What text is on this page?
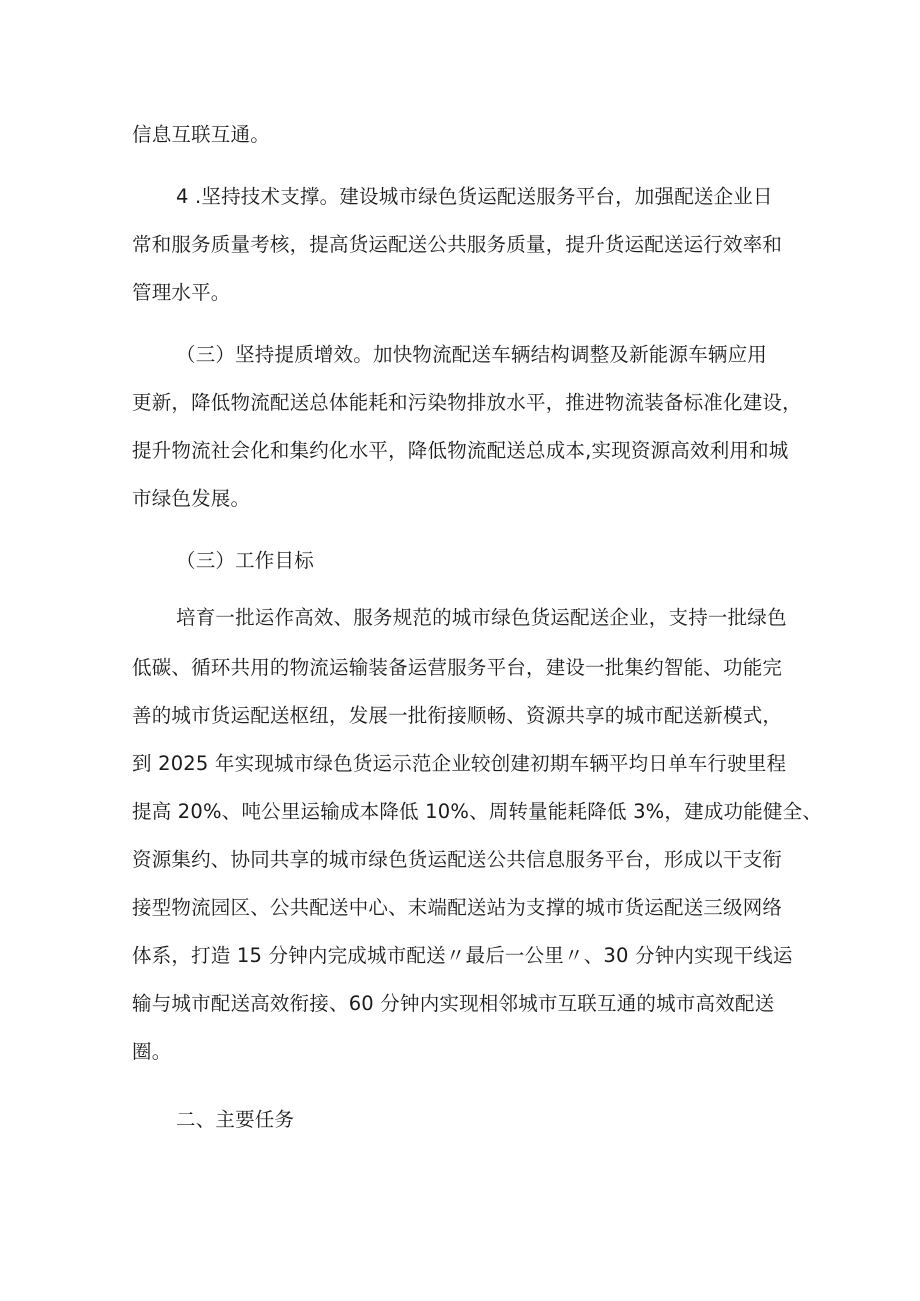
信息互联互通。
4 .坚持技术支撑。建设城市绿色货运配送服务平台，加强配送企业日
常和服务质量考核，提高货运配送公共服务质量，提升货运配送运行效率和
管理水平。
（三）坚持提质增效。加快物流配送车辆结构调整及新能源车辆应用
更新，降低物流配送总体能耗和污染物排放水平，推进物流装备标准化建设，
提升物流社会化和集约化水平，降低物流配送总成本,实现资源高效利用和城
市绿色发展。
（三）工作目标
培育一批运作高效、服务规范的城市绿色货运配送企业，支持一批绿色
低碳、循环共用的物流运输装备运营服务平台，建设一批集约智能、功能完
善的城市货运配送枢纽，发展一批衔接顺畅、资源共享的城市配送新模式，
到 2025 年实现城市绿色货运示范企业较创建初期车辆平均日单车行驶里程
提高 20%、吨公里运输成本降低 10%、周转量能耗降低 3%，建成功能健全、
资源集约、协同共享的城市绿色货运配送公共信息服务平台，形成以干支衔
接型物流园区、公共配送中心、末端配送站为支撑的城市货运配送三级网络
体系，打造 15 分钟内完成城市配送〃最后一公里〃、30 分钟内实现干线运
输与城市配送高效衔接、60 分钟内实现相邻城市互联互通的城市高效配送
圈。
二、主要任务
